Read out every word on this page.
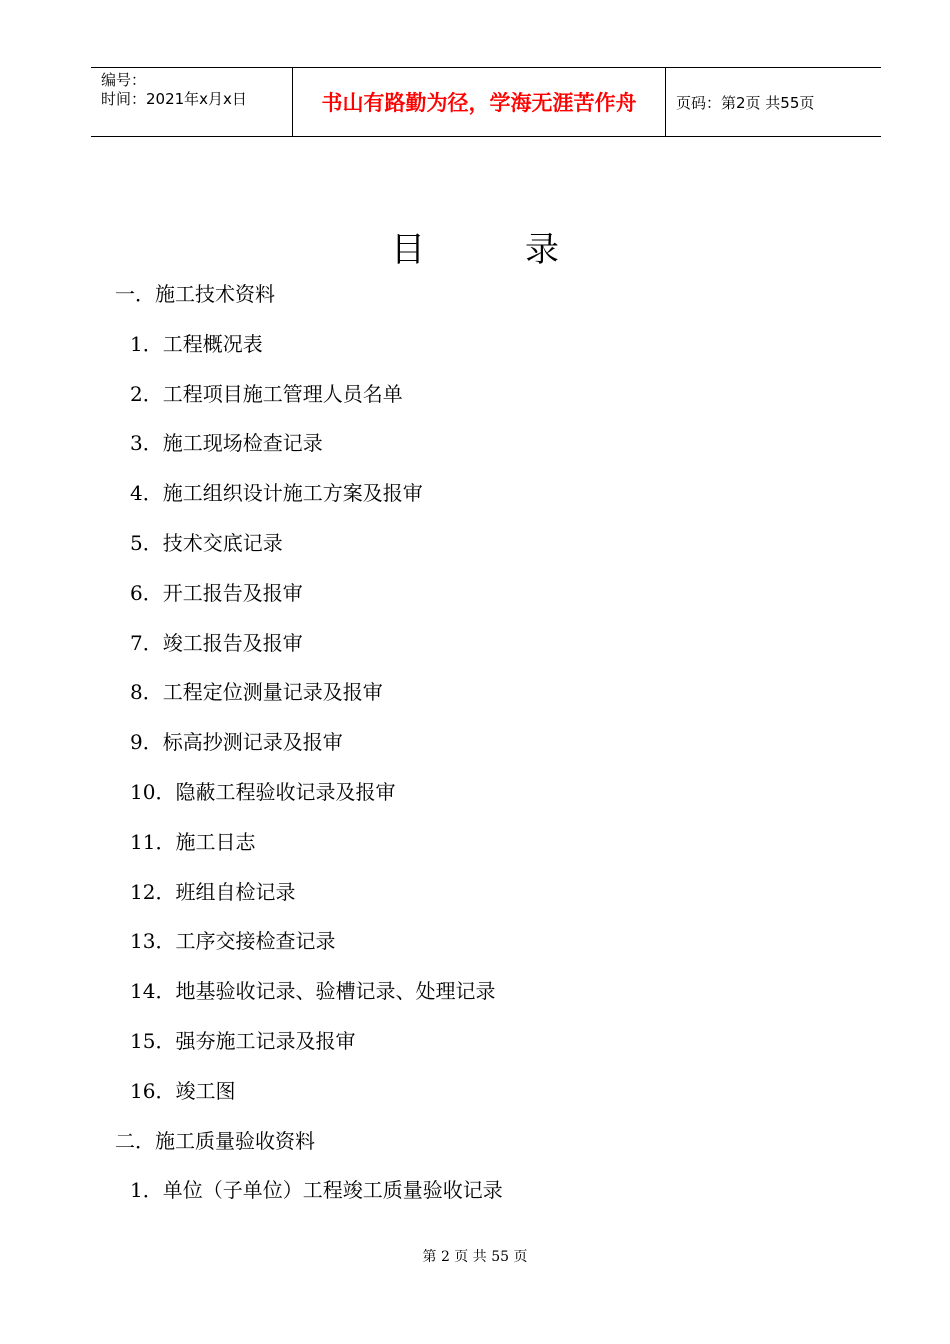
编号：
时间：2021年x月x日	书山有路勤为径，学海无涯苦作舟	页码：第2页 共55页
目录
一．施工技术资料
1．工程概况表
2．工程项目施工管理人员名单
3．施工现场检查记录
4．施工组织设计施工方案及报审
5．技术交底记录
6．开工报告及报审
7．竣工报告及报审
8．工程定位测量记录及报审
9．标高抄测记录及报审
10．隐蔽工程验收记录及报审
11．施工日志
12．班组自检记录
13．工序交接检查记录
14．地基验收记录、验槽记录、处理记录
15．强夯施工记录及报审
16．竣工图
二．施工质量验收资料
1．单位（子单位）工程竣工质量验收记录
第 2 页 共 55 页
